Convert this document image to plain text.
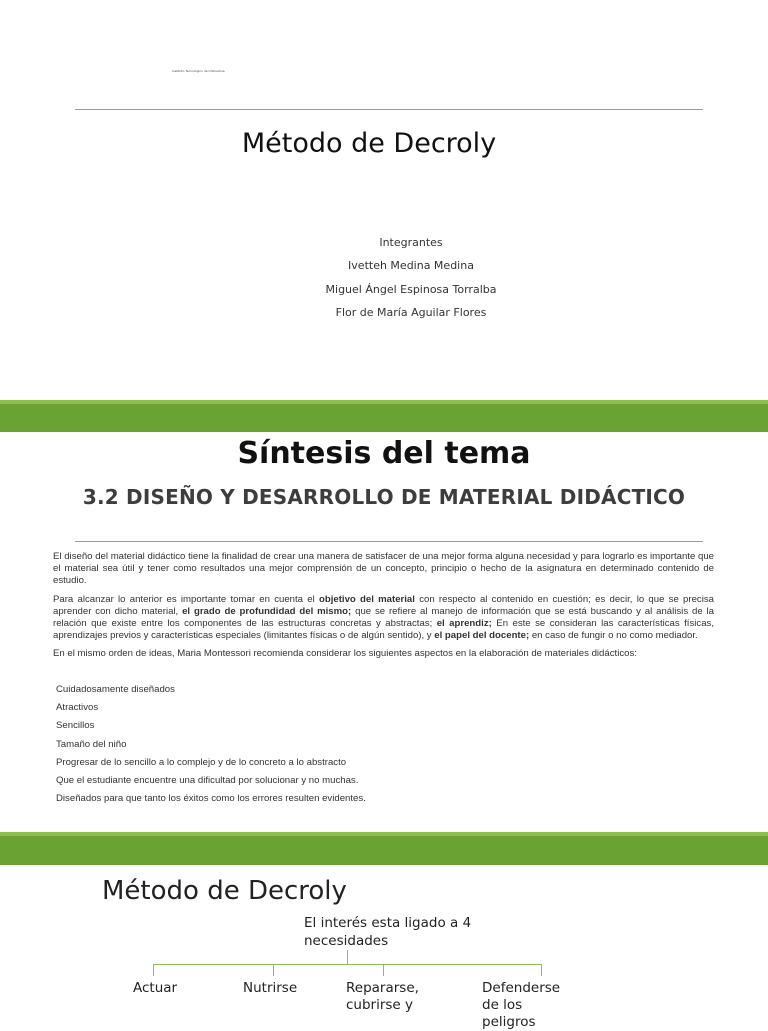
Instituto Tecnológico de Chihuahua
Método de Decroly
Integrantes
Ivetteh Medina Medina
Miguel Ángel Espinosa Torralba
Flor de María Aguilar Flores
Síntesis del tema
3.2 DISEÑO Y DESARROLLO DE MATERIAL DIDÁCTICO

El diseño del material didáctico tiene la finalidad de crear una manera de satisfacer de una mejor forma alguna necesidad y para lograrlo es importante que el material sea útil y tener como resultados una mejor comprensión de un concepto, principio o hecho de la asignatura en determinado contenido de estudio.

Para alcanzar lo anterior es importante tomar en cuenta el objetivo del material con respecto al contenido en cuestión; es decir, lo que se precisa aprender con dicho material, el grado de profundidad del mismo; que se refiere al manejo de información que se está buscando y al análisis de la relación que existe entre los componentes de las estructuras concretas y abstractas; el aprendiz; En este se consideran las características físicas, aprendizajes previos y características especiales (limitantes físicas o de algún sentido), y el papel del docente; en caso de fungir o no como mediador.

En el mismo orden de ideas, Maria Montessori recomienda considerar los siguientes aspectos en la elaboración de materiales didácticos:

Cuidadosamente diseñados
Atractivos
Sencillos
Tamaño del niño
Progresar de lo sencillo a lo complejo y de lo concreto a lo abstracto
Que el estudiante encuentre una dificultad por solucionar y no muchas.
Diseñados para que tanto los éxitos como los errores resulten evidentes.
Método de Decroly
El interés esta ligado a 4 necesidades
Actuar	Nutrirse	Repararse, cubrirse y
Defenderse de los peligros
